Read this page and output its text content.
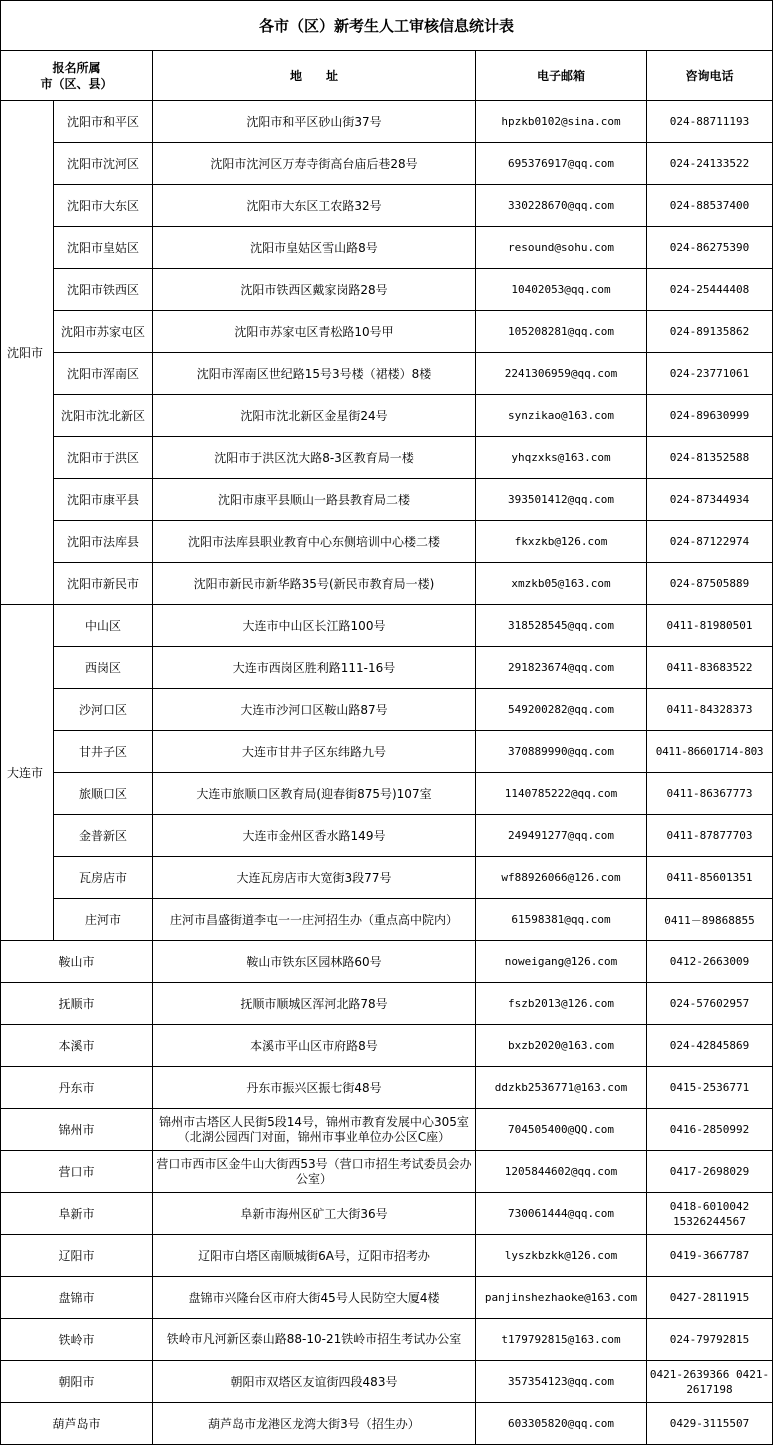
各市（区）新考生人工审核信息统计表				

报名所属
市（区、县）		地　　址	电子邮箱	咨询电话
沈阳市	沈阳市和平区	沈阳市和平区砂山街37号	hpzkb0102@sina.com	024-88711193
	沈阳市沈河区	沈阳市沈河区万寿寺街高台庙后巷28号	695376917@qq.com	024-24133522
	沈阳市大东区	沈阳市大东区工农路32号	330228670@qq.com	024-88537400
	沈阳市皇姑区	沈阳市皇姑区雪山路8号	resound@sohu.com	024-86275390
	沈阳市铁西区	沈阳市铁西区戴家岗路28号	10402053@qq.com	024-25444408
	沈阳市苏家屯区	沈阳市苏家屯区青松路10号甲	105208281@qq.com	024-89135862
	沈阳市浑南区	沈阳市浑南区世纪路15号3号楼（裙楼）8楼	2241306959@qq.com	024-23771061
	沈阳市沈北新区	沈阳市沈北新区金星街24号	synzikao@163.com	024-89630999
	沈阳市于洪区	沈阳市于洪区沈大路8-3区教育局一楼	yhqzxks@163.com	024-81352588
	沈阳市康平县	沈阳市康平县顺山一路县教育局二楼	393501412@qq.com	024-87344934
	沈阳市法库县	沈阳市法库县职业教育中心东侧培训中心楼二楼	fkxzkb@126.com	024-87122974
	沈阳市新民市	沈阳市新民市新华路35号(新民市教育局一楼)	xmzkb05@163.com	024-87505889
大连市	中山区	大连市中山区长江路100号	318528545@qq.com	0411-81980501
	西岗区	大连市西岗区胜利路111-16号	291823674@qq.com	0411-83683522
	沙河口区	大连市沙河口区鞍山路87号	549200282@qq.com	0411-84328373
	甘井子区	大连市甘井子区东纬路九号	370889990@qq.com	0411-86601714-803
	旅顺口区	大连市旅顺口区教育局(迎春街875号)107室	1140785222@qq.com	0411-86367773
	金普新区	大连市金州区香水路149号	249491277@qq.com	0411-87877703
	瓦房店市	大连瓦房店市大宽街3段77号	wf88926066@126.com	0411-85601351
	庄河市	庄河市昌盛街道李屯一一庄河招生办（重点高中院内）	61598381@qq.com	0411－89868855
鞍山市		鞍山市铁东区园林路60号	noweigang@126.com	0412-2663009
抚顺市		抚顺市顺城区浑河北路78号	fszb2013@126.com	024-57602957
本溪市		本溪市平山区市府路8号	bxzb2020@163.com	024-42845869
丹东市		丹东市振兴区振七街48号	ddzkb2536771@163.com	0415-2536771
锦州市		锦州市古塔区人民街5段14号，锦州市教育发展中心305室（北湖公园西门对面，锦州市事业单位办公区C座）	704505400@QQ.com	0416-2850992
营口市		营口市西市区金牛山大街西53号（营口市招生考试委员会办公室）	1205844602@qq.com	0417-2698029
阜新市		阜新市海州区矿工大街36号	730061444@qq.com	0418-6010042 15326244567
辽阳市		辽阳市白塔区南顺城街6A号，辽阳市招考办	lyszkbzkk@126.com	0419-3667787
盘锦市		盘锦市兴隆台区市府大街45号人民防空大厦4楼	panjinshezhaoke@163.com	0427-2811915
铁岭市		铁岭市凡河新区泰山路88-10-21铁岭市招生考试办公室	t179792815@163.com	024-79792815
朝阳市		朝阳市双塔区友谊街四段483号	357354123@qq.com	0421-2639366 0421-2617198
葫芦岛市		葫芦岛市龙港区龙湾大街3号（招生办）	603305820@qq.com	0429-3115507
